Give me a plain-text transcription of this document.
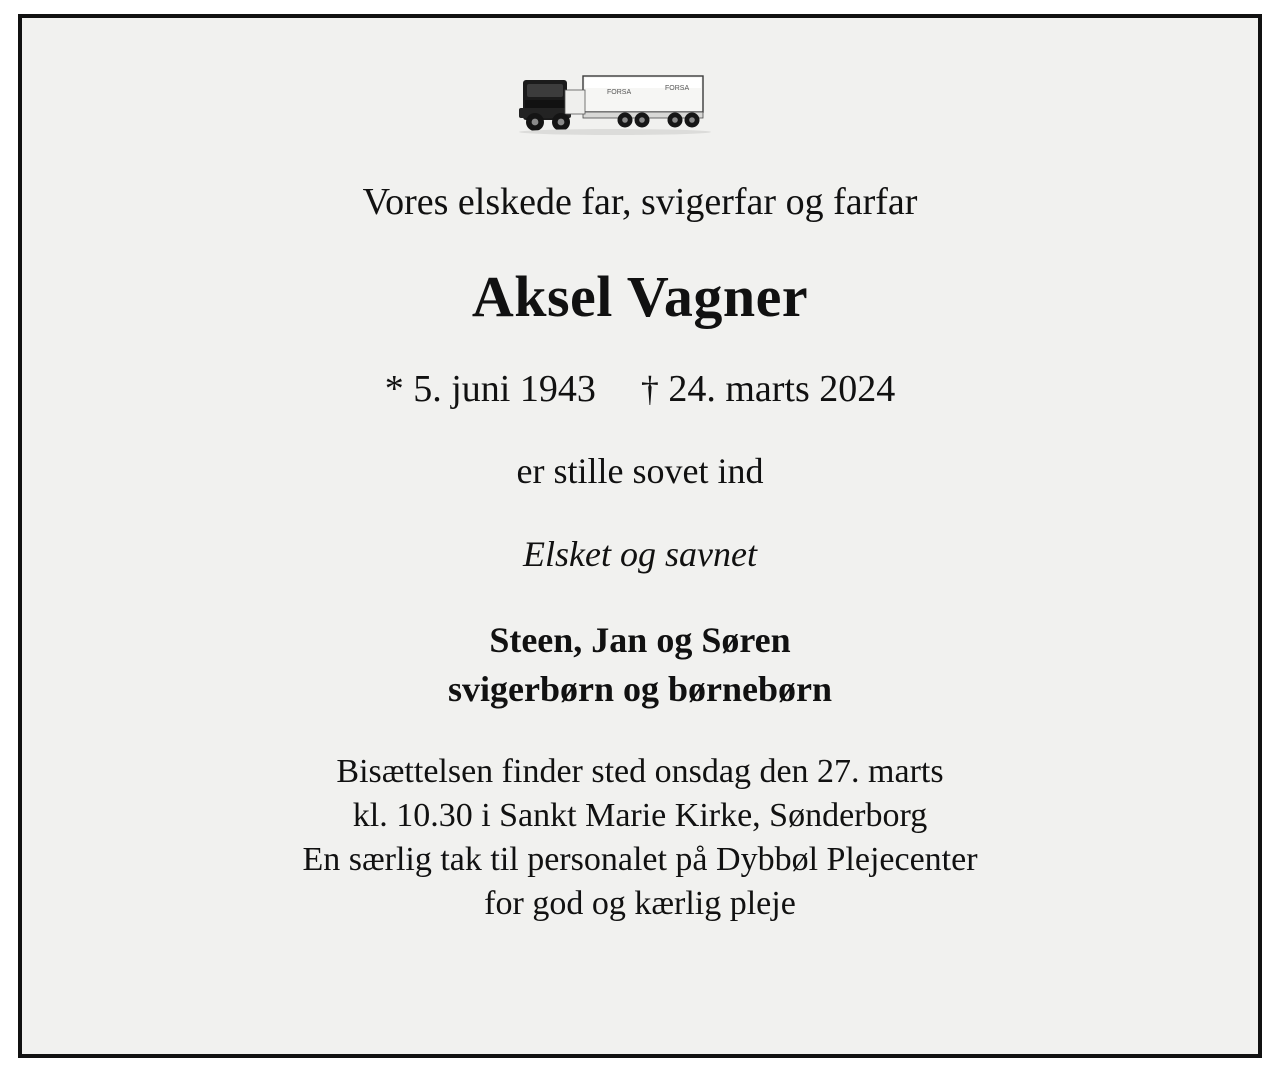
FORSA
FORSA
Vores elskede far, svigerfar og farfar
Aksel Vagner
* 5. juni 1943 † 24. marts 2024
er stille sovet ind
Elsket og savnet
Steen, Jan og Søren
svigerbørn og børnebørn
Bisættelsen finder sted onsdag den 27. marts
kl. 10.30 i Sankt Marie Kirke, Sønderborg
En særlig tak til personalet på Dybbøl Plejecenter
for god og kærlig pleje
